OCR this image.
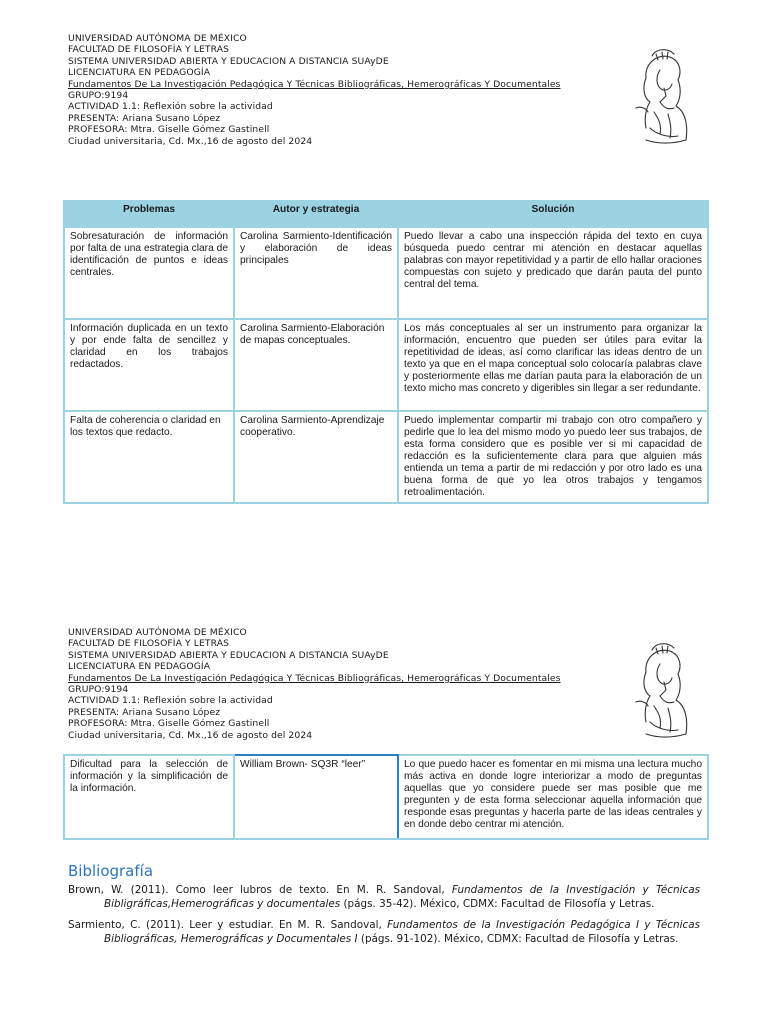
UNIVERSIDAD AUTÓNOMA DE MÉXICO
FACULTAD DE FILOSOFÍA Y LETRAS
SISTEMA UNIVERSIDAD ABIERTA Y EDUCACION A DISTANCIA SUAyDE
LICENCIATURA EN PEDAGOGÍA
Fundamentos De La Investigación Pedagógica Y Técnicas Bibliográficas, Hemerográficas Y Documentales
GRUPO:9194
ACTIVIDAD 1.1: Reflexión sobre la actividad
PRESENTA: Ariana Susano López
PROFESORA: Mtra. Giselle Gómez Gastinell
Ciudad universitaria, Cd. Mx.,16 de agosto del 2024
Problemas	Autor y estrategia	Solución
Sobresaturación de información por falta de una estrategia clara de identificación de puntos e ideas centrales.	Carolina Sarmiento-Identificación y elaboración de ideas principales	Puedo llevar a cabo una inspección rápida del texto en cuya búsqueda puedo centrar mi atención en destacar aquellas palabras con mayor repetitividad y a partir de ello hallar oraciones compuestas con sujeto y predicado que darán pauta del punto central del tema.
Información duplicada en un texto y por ende falta de sencillez y claridad en los trabajos redactados.	Carolina Sarmiento-Elaboración de mapas conceptuales.	Los más conceptuales al ser un instrumento para organizar la información, encuentro que pueden ser útiles para evitar la repetitividad de ideas, así como clarificar las ideas dentro de un texto ya que en el mapa conceptual solo colocaría palabras clave y posteriormente ellas me darían pauta para la elaboración de un texto micho mas concreto y digeribles sin llegar a ser redundante.
Falta de coherencia o claridad en los textos que redacto.	Carolina Sarmiento-Aprendizaje cooperativo.	Puedo implementar compartir mi trabajo con otro compañero y pedirle que lo lea del mismo modo yo puedo leer sus trabajos, de esta forma considero que es posible ver si mi capacidad de redacción es la suficientemente clara para que alguien más entienda un tema a partir de mi redacción y por otro lado es una buena forma de que yo lea otros trabajos y tengamos retroalimentación.
UNIVERSIDAD AUTÓNOMA DE MÉXICO
FACULTAD DE FILOSOFÍA Y LETRAS
SISTEMA UNIVERSIDAD ABIERTA Y EDUCACION A DISTANCIA SUAyDE
LICENCIATURA EN PEDAGOGÍA
Fundamentos De La Investigación Pedagógica Y Técnicas Bibliográficas, Hemerográficas Y Documentales
GRUPO:9194
ACTIVIDAD 1.1: Reflexión sobre la actividad
PRESENTA: Ariana Susano López
PROFESORA: Mtra. Giselle Gómez Gastinell
Ciudad universitaria, Cd. Mx.,16 de agosto del 2024
Dificultad para la selección de información y la simplificación de la información.	William Brown- SQ3R “leer”	Lo que puedo hacer es fomentar en mi misma una lectura mucho más activa en donde logre interiorizar a modo de preguntas aquellas que yo considere puede ser mas posible que me pregunten y de esta forma seleccionar aquella información que responde esas preguntas y hacerla parte de las ideas centrales y en donde debo centrar mi atención.
Bibliografía
Brown, W. (2011). Como leer lubros de texto. En M. R. Sandoval, Fundamentos de la Investigación y Técnicas Bibligráficas,Hemerográficas y documentales (págs. 35-42). México, CDMX: Facultad de Filosofía y Letras.
Sarmiento, C. (2011). Leer y estudiar. En M. R. Sandoval, Fundamentos de la Investigación Pedagógica I y Técnicas Bibliográficas, Hemerográficas y Documentales I (págs. 91-102). México, CDMX: Facultad de Filosofía y Letras.
